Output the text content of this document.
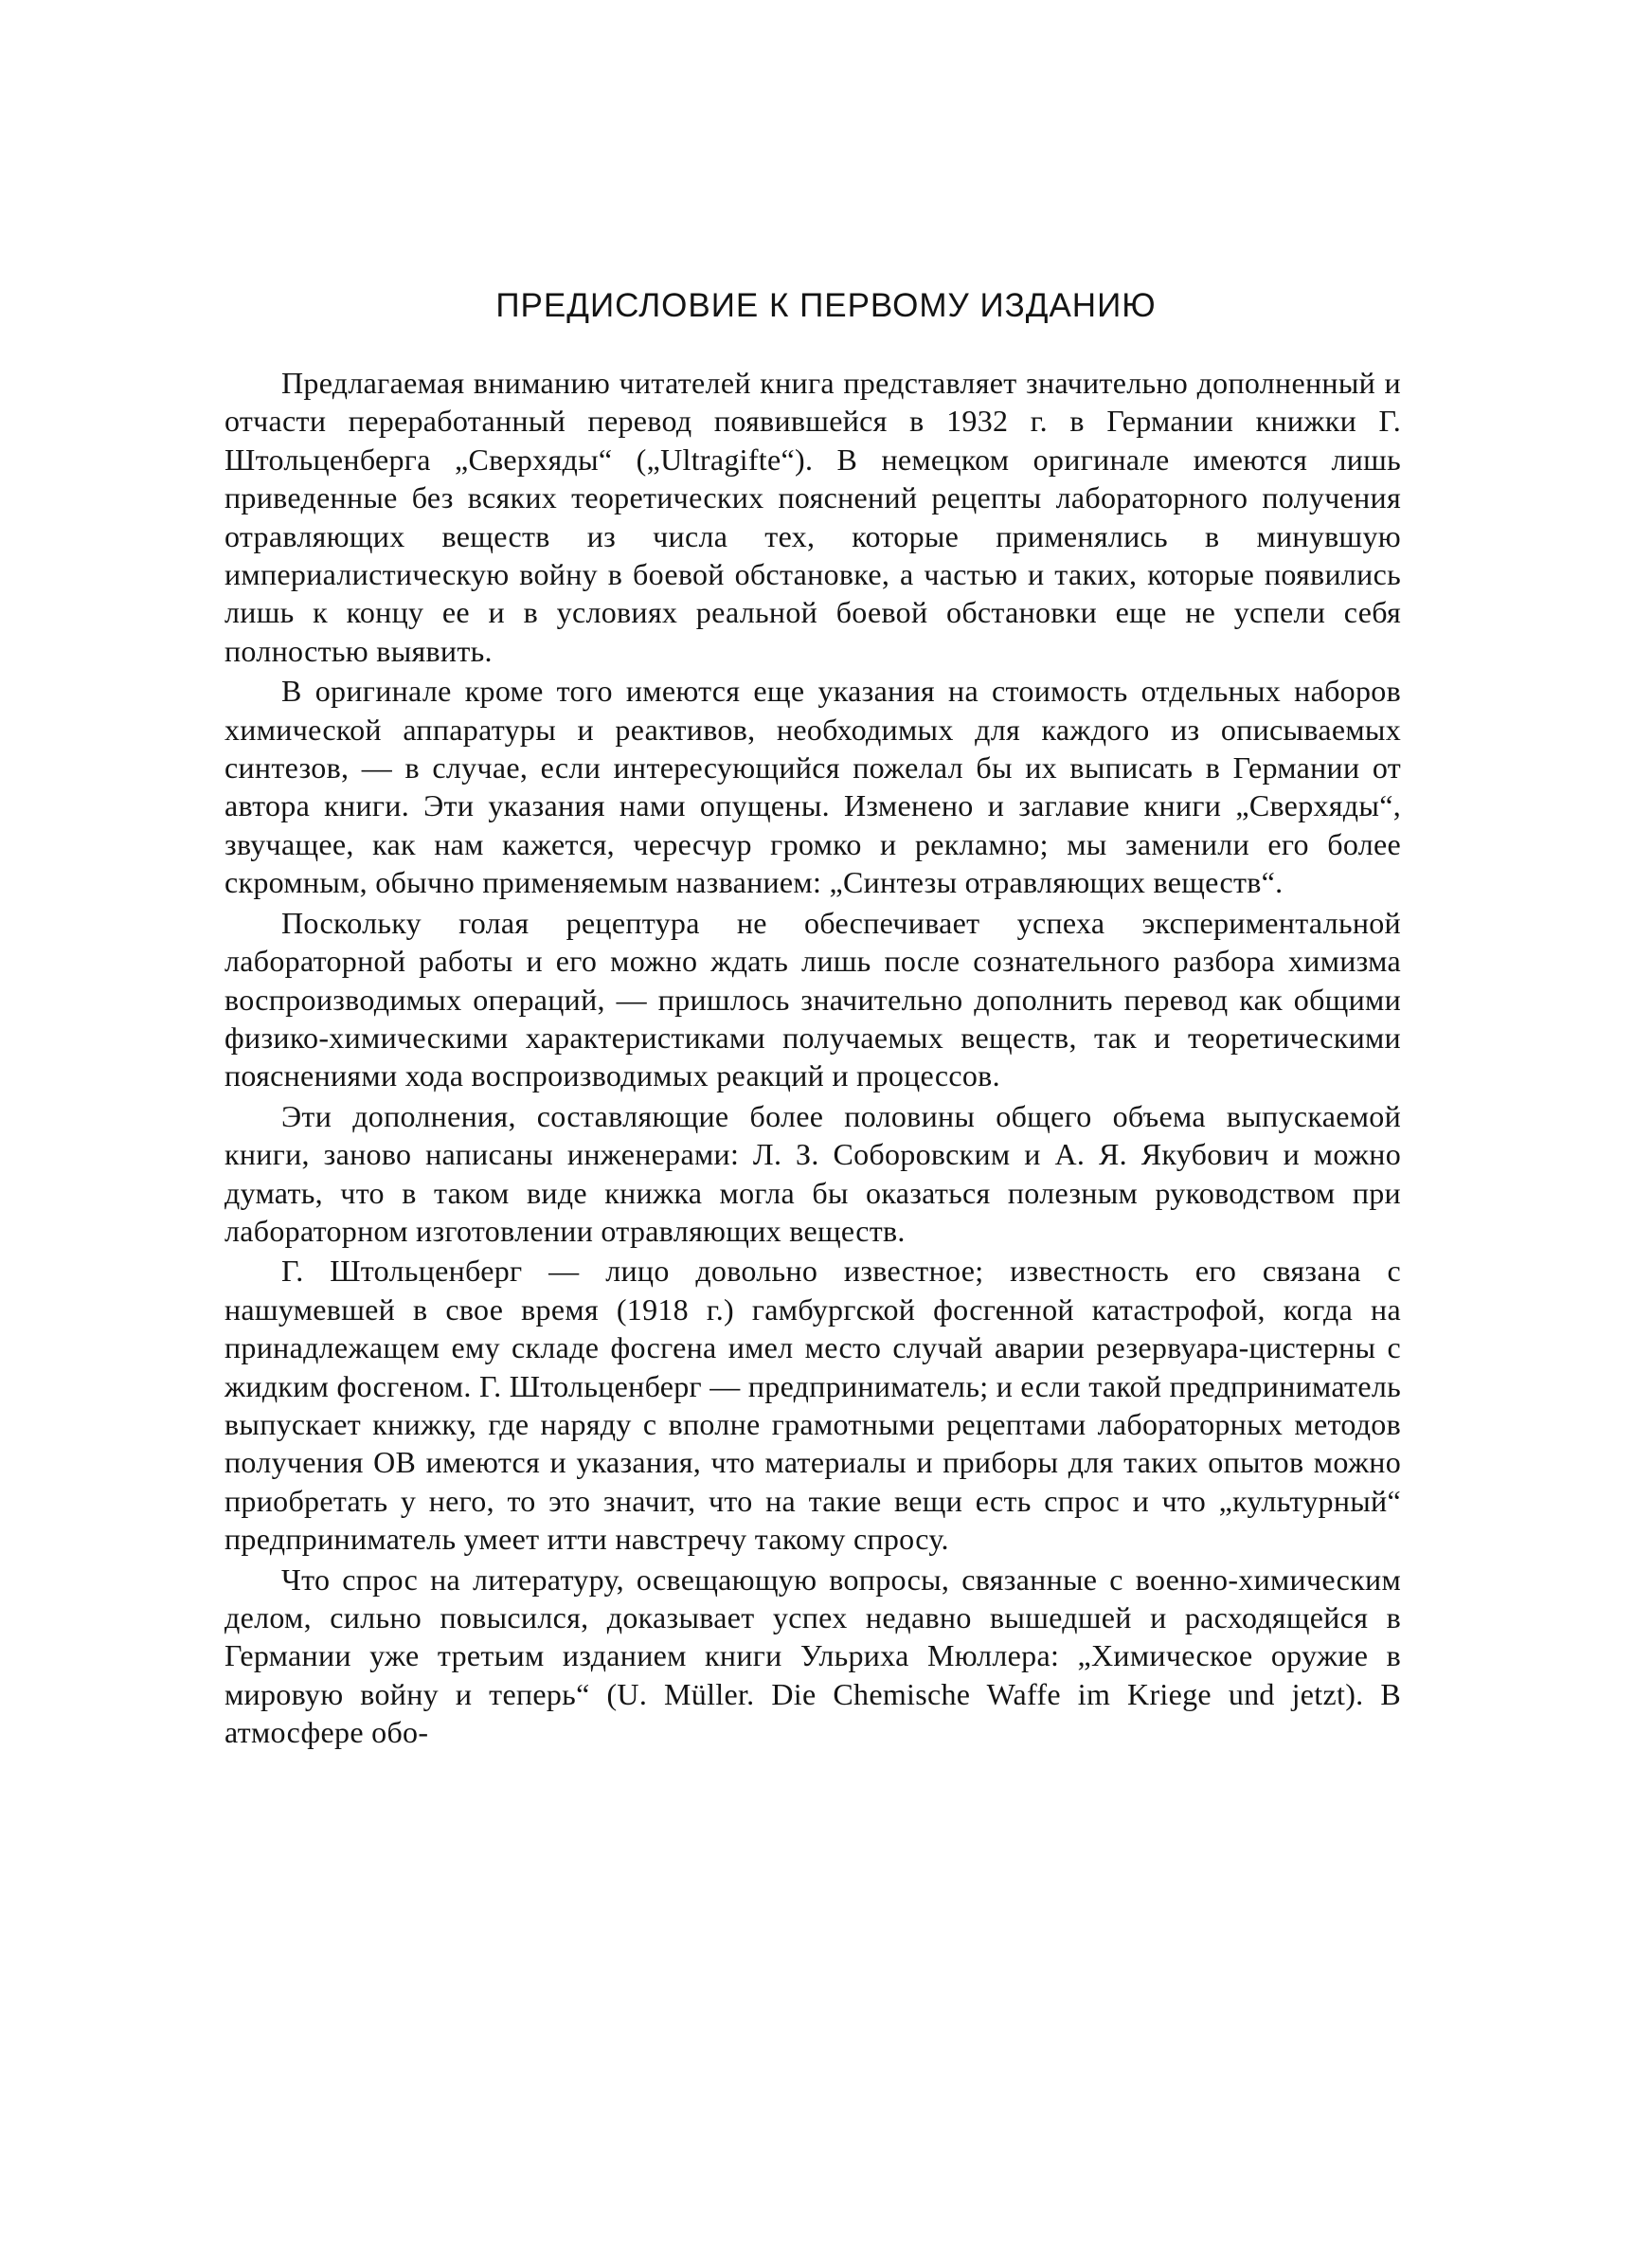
ПРЕДИСЛОВИЕ К ПЕРВОМУ ИЗДАНИЮ

Предлагаемая вниманию читателей книга представляет значительно дополненный и отчасти переработанный перевод появившейся в 1932 г. в Германии книжки Г. Штольценберга „Сверхяды“ („Ultragifte“). В немецком оригинале имеются лишь приведенные без всяких теоретических пояснений рецепты лабораторного получения отравляющих веществ из числа тех, которые применялись в минувшую империалистическую войну в боевой обстановке, а частью и таких, которые появились лишь к концу ее и в условиях реальной боевой обстановки еще не успели себя полностью выявить.

В оригинале кроме того имеются еще указания на стоимость отдельных наборов химической аппаратуры и реактивов, необходимых для каждого из описываемых синтезов, — в случае, если интересующийся пожелал бы их выписать в Германии от автора книги. Эти указания нами опущены. Изменено и заглавие книги „Сверхяды“, звучащее, как нам кажется, чересчур громко и рекламно; мы заменили его более скромным, обычно применяемым названием: „Синтезы отравляющих веществ“.

Поскольку голая рецептура не обеспечивает успеха экспериментальной лабораторной работы и его можно ждать лишь после сознательного разбора химизма воспроизводимых операций, — пришлось значительно дополнить перевод как общими физико-химическими характеристиками получаемых веществ, так и теоретическими пояснениями хода воспроизводимых реакций и процессов.

Эти дополнения, составляющие более половины общего объема выпускаемой книги, заново написаны инженерами: Л. З. Соборовским и А. Я. Якубович и можно думать, что в таком виде книжка могла бы оказаться полезным руководством при лабораторном изготовлении отравляющих веществ.

Г. Штольценберг — лицо довольно известное; известность его связана с нашумевшей в свое время (1918 г.) гамбургской фосгенной катастрофой, когда на принадлежащем ему складе фосгена имел место случай аварии резервуара-цистерны с жидким фосгеном. Г. Штольценберг — предприниматель; и если такой предприниматель выпускает книжку, где наряду с вполне грамотными рецептами лабораторных методов получения ОВ имеются и указания, что материалы и приборы для таких опытов можно приобретать у него, то это значит, что на такие вещи есть спрос и что „культурный“ предприниматель умеет итти навстречу такому спросу.

Что спрос на литературу, освещающую вопросы, связанные с военно-химическим делом, сильно повысился, доказывает успех недавно вышедшей и расходящейся в Германии уже третьим изданием книги Ульриха Мюллера: „Химическое оружие в мировую войну и теперь“ (U. Müller. Die Chemische Waffe im Kriege und jetzt). В атмосфере обо-
